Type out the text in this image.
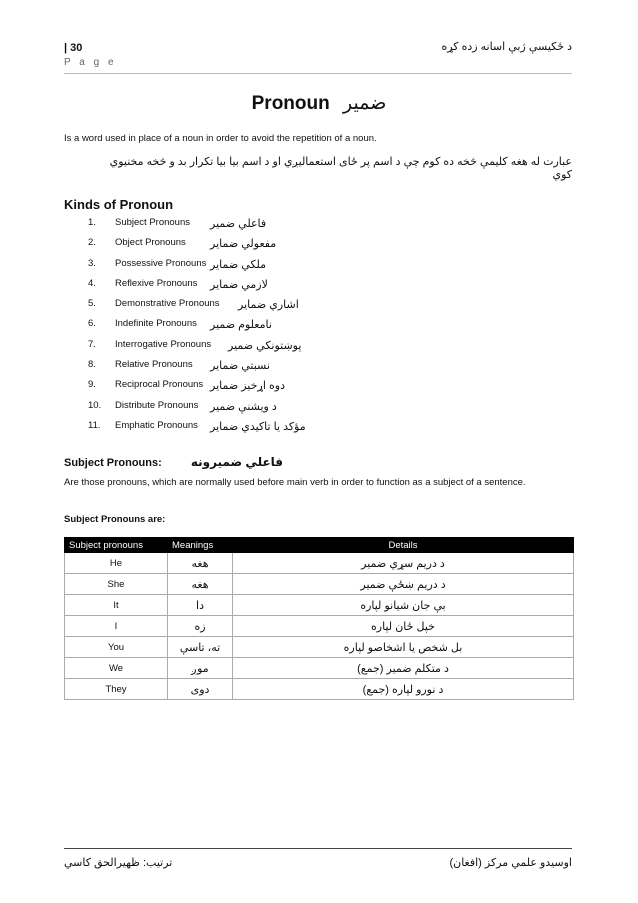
| 30
P a g e
د ځکیسې ژبې اسانه زده کړه
Pronoun ضمیر
Is a word used in place of a noun in order to avoid the repetition of a noun.
عبارت له هغه کلیمې څخه ده کوم چې د اسم پر ځای استعمالیږي او د اسم بیا بیا تکرار بد و څخه مخنیوي کوي
Kinds of Pronoun
1.	Subject Pronouns فاعلي ضمیر
2.	Object Pronouns مفعولي ضمایر
3.	Possessive Pronouns ملکي ضمایر
4.	Reflexive Pronouns لازمي ضمایر
5.	Demonstrative Pronouns اشاري ضمایر
6.	Indefinite Pronouns نامعلوم ضمیر
7.	Interrogative Pronouns پوښتونکي ضمیر
8.	Relative Pronouns نسبتي ضمایر
9.	Reciprocal Pronouns دوه اړخیز ضمایر
10.	Distribute Pronouns د ویشنې ضمیر
11.	Emphatic Pronouns مؤکد یا تاکیدي ضمایر
Subject Pronouns: فاعلي ضمیرونه
Are those pronouns, which are normally used before main verb in order to function as a subject of a sentence.
Subject Pronouns are:
Subject pronouns	Meanings	Details
He	هغه	د دریم سړي ضمیر
She	هغه	د دریم ښځې ضمیر
It	دا	بې جان شیانو لپاره
I	زه	خپل ځان لپاره
You	ته، تاسې	بل شخص یا اشخاصو لپاره
We	موږ	د متکلم ضمیر (جمع)
They	دوی	د نورو لپاره (جمع)
ترتیب: ظهیرالحق کاسي	اوسیدو علمي مرکز (افغان)
